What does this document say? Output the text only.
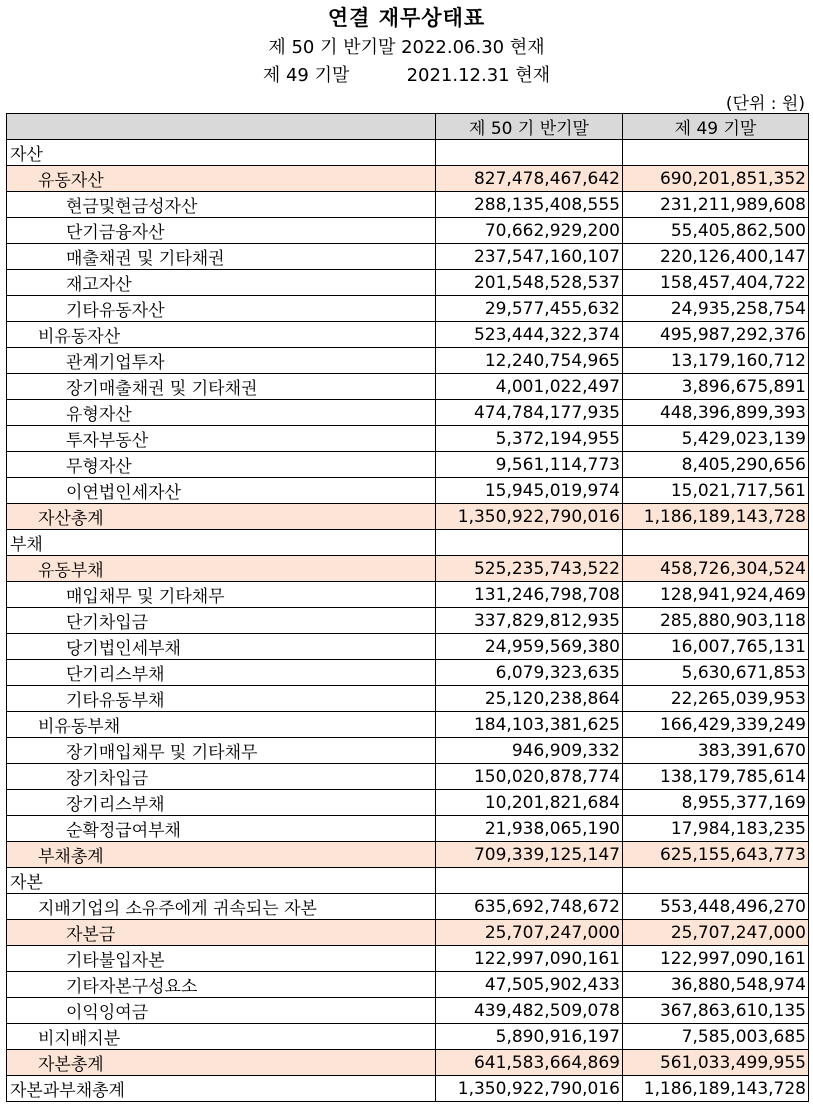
연결 재무상태표
제 50 기 반기말 2022.06.30 현재
제 49 기말          2021.12.31 현재
(단위 : 원)
	제 50 기 반기말	제 49 기말
자산		
유동자산	827,478,467,642	690,201,851,352
현금및현금성자산	288,135,408,555	231,211,989,608
단기금융자산	70,662,929,200	55,405,862,500
매출채권 및 기타채권	237,547,160,107	220,126,400,147
재고자산	201,548,528,537	158,457,404,722
기타유동자산	29,577,455,632	24,935,258,754
비유동자산	523,444,322,374	495,987,292,376
관계기업투자	12,240,754,965	13,179,160,712
장기매출채권 및 기타채권	4,001,022,497	3,896,675,891
유형자산	474,784,177,935	448,396,899,393
투자부동산	5,372,194,955	5,429,023,139
무형자산	9,561,114,773	8,405,290,656
이연법인세자산	15,945,019,974	15,021,717,561
자산총계	1,350,922,790,016	1,186,189,143,728
부채		
유동부채	525,235,743,522	458,726,304,524
매입채무 및 기타채무	131,246,798,708	128,941,924,469
단기차입금	337,829,812,935	285,880,903,118
당기법인세부채	24,959,569,380	16,007,765,131
단기리스부채	6,079,323,635	5,630,671,853
기타유동부채	25,120,238,864	22,265,039,953
비유동부채	184,103,381,625	166,429,339,249
장기매입채무 및 기타채무	946,909,332	383,391,670
장기차입금	150,020,878,774	138,179,785,614
장기리스부채	10,201,821,684	8,955,377,169
순확정급여부채	21,938,065,190	17,984,183,235
부채총계	709,339,125,147	625,155,643,773
자본		
지배기업의 소유주에게 귀속되는 자본	635,692,748,672	553,448,496,270
자본금	25,707,247,000	25,707,247,000
기타불입자본	122,997,090,161	122,997,090,161
기타자본구성요소	47,505,902,433	36,880,548,974
이익잉여금	439,482,509,078	367,863,610,135
비지배지분	5,890,916,197	7,585,003,685
자본총계	641,583,664,869	561,033,499,955
자본과부채총계	1,350,922,790,016	1,186,189,143,728
